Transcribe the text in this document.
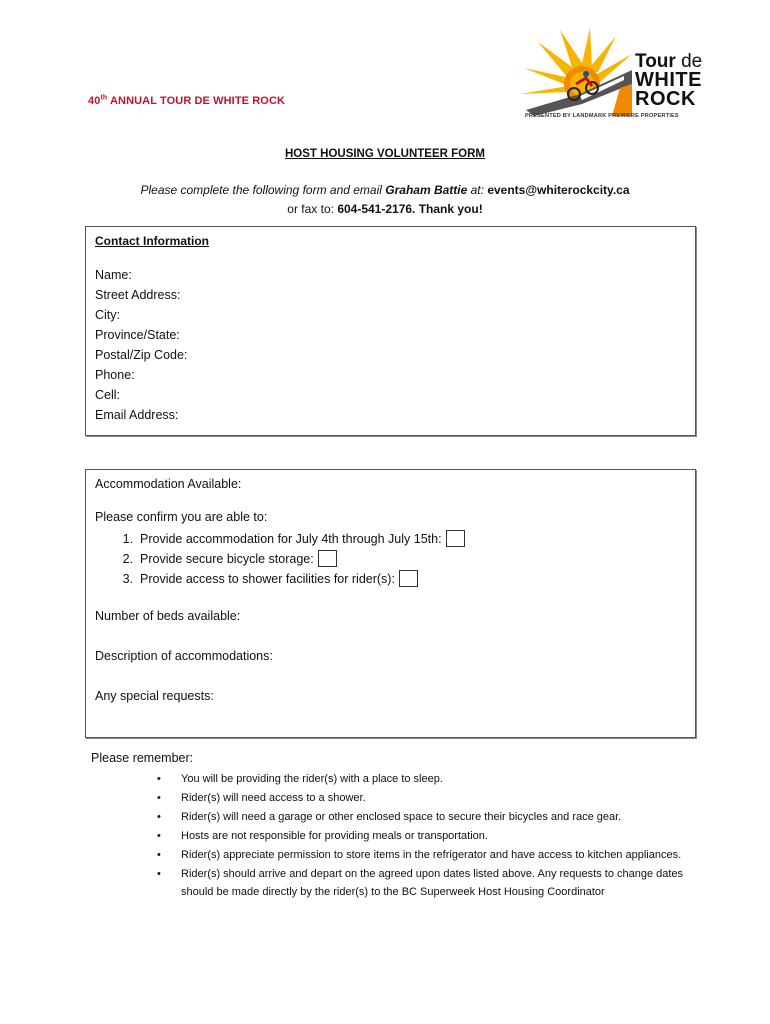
40th ANNUAL TOUR DE WHITE ROCK
Tour de
WHITE
ROCK
PRESENTED BY LANDMARK PREMIERE PROPERTIES
HOST HOUSING VOLUNTEER FORM
Please complete the following form and email Graham Battie at: events@whiterockcity.ca
or fax to: 604-541-2176. Thank you!
Contact Information
Name:
Street Address:
City:
Province/State:
Postal/Zip Code:
Phone:
Cell:
Email Address:
Accommodation Available:
Please confirm you are able to:
1. Provide accommodation for July 4th through July 15th:
2. Provide secure bicycle storage:
3. Provide access to shower facilities for rider(s):
Number of beds available:
Description of accommodations:
Any special requests:
Please remember:
• You will be providing the rider(s) with a place to sleep.
• Rider(s) will need access to a shower.
• Rider(s) will need a garage or other enclosed space to secure their bicycles and race gear.
• Hosts are not responsible for providing meals or transportation.
• Rider(s) appreciate permission to store items in the refrigerator and have access to kitchen appliances.
• Rider(s) should arrive and depart on the agreed upon dates listed above. Any requests to change dates should be made directly by the rider(s) to the BC Superweek Host Housing Coordinator
